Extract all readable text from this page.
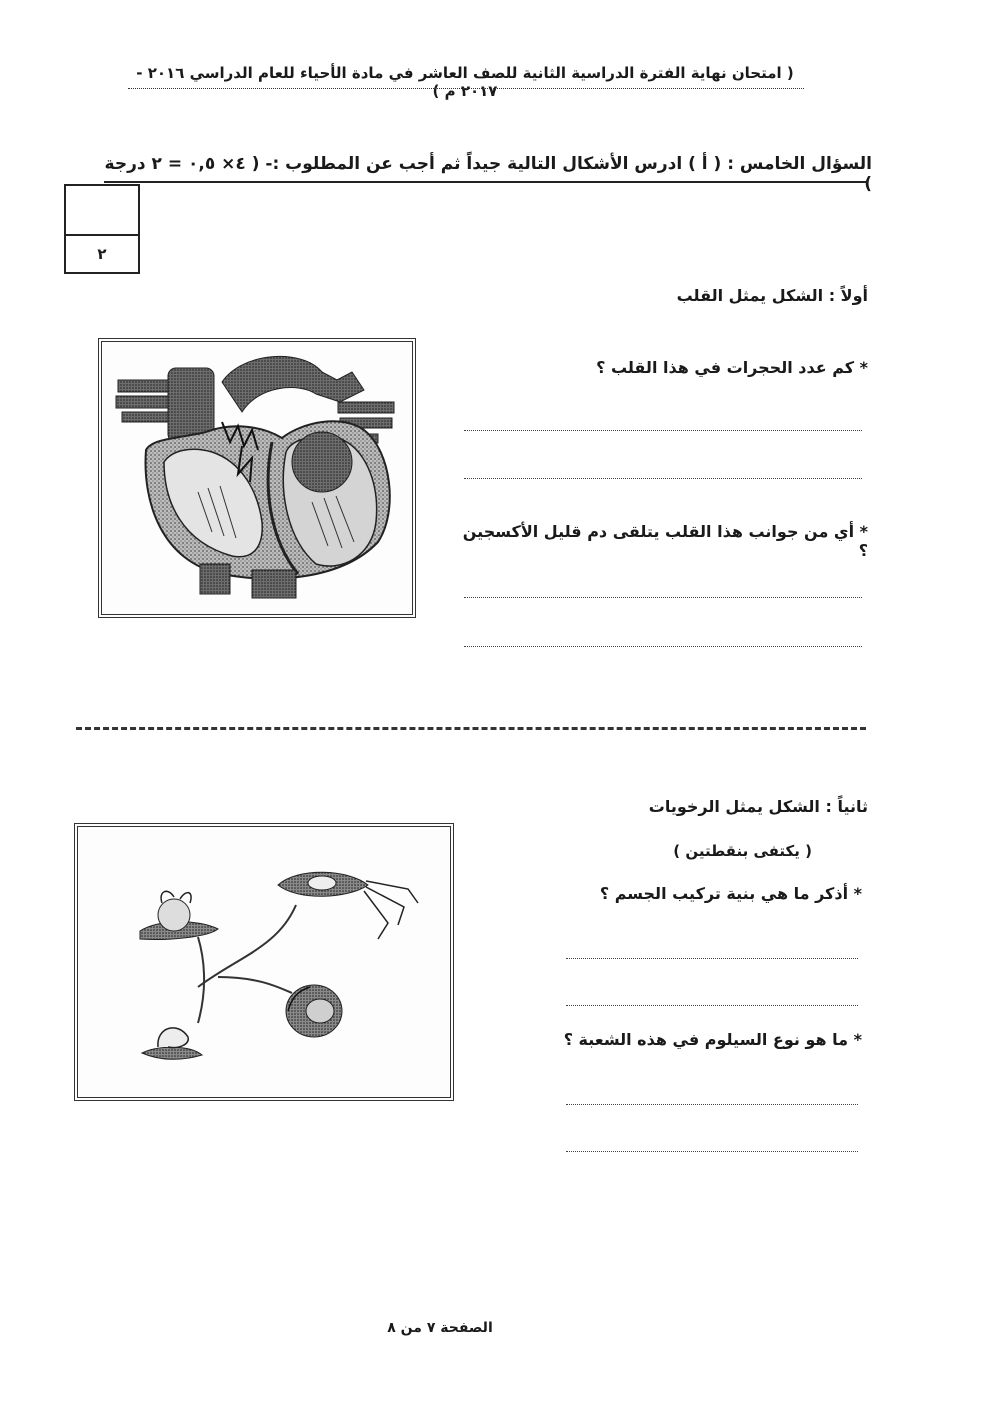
( امتحان نهاية الفترة الدراسية الثانية للصف العاشر في مادة الأحياء للعام الدراسي ٢٠١٦ - ٢٠١٧ م )
السؤال الخامس : ( أ ) ادرس الأشكال التالية جيداً ثم أجب عن المطلوب :- ( ٤× ٠,٥ = ٢ درجة )
٢
أولاً : الشكل يمثل القلب
* كم عدد الحجرات في هذا القلب ؟
* أي من جوانب هذا القلب يتلقى دم قليل الأكسجين ؟
ثانياً : الشكل يمثل الرخويات
( يكتفى بنقطتين )
* أذكر ما هي بنية تركيب الجسم ؟
* ما هو نوع السيلوم في هذه الشعبة ؟
الصفحة ٧ من ٨
